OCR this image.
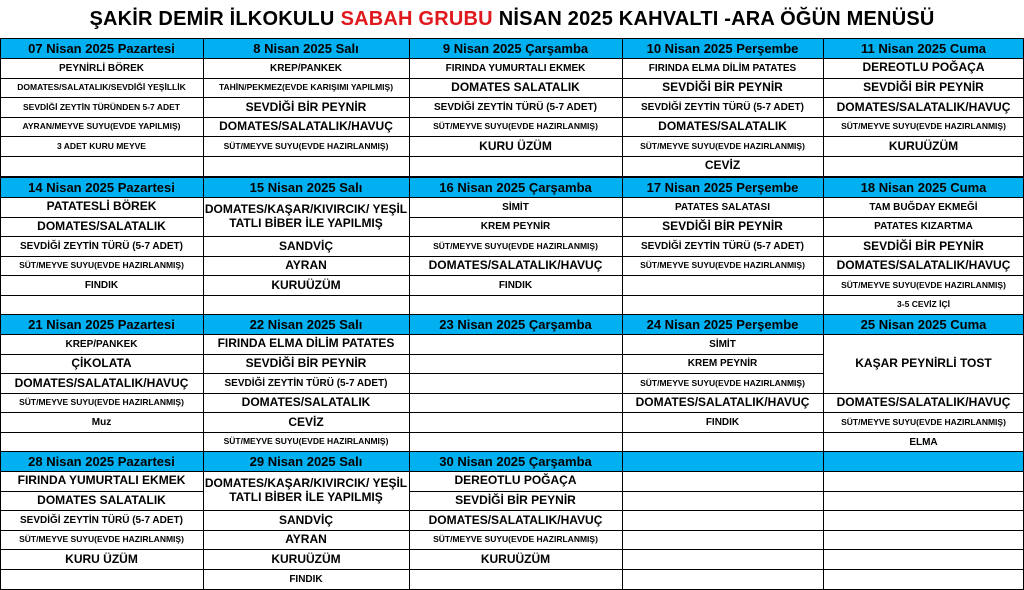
ŞAKİR DEMİR İLKOKULU SABAH GRUBU NİSAN 2025 KAHVALTI -ARA ÖĞÜN MENÜSÜ
07 Nisan 2025 Pazartesi
PEYNİRLİ BÖREK
DOMATES/SALATALIK/SEVDİĞİ YEŞİLLİK
SEVDİĞİ ZEYTİN TÜRÜNDEN 5-7 ADET
AYRAN/MEYVE SUYU(EVDE YAPILMIŞ)
3 ADET KURU MEYVE
8 Nisan 2025 Salı
KREP/PANKEK
TAHİN/PEKMEZ(EVDE KARIŞIMI YAPILMIŞ)
SEVDİĞİ BİR PEYNİR
DOMATES/SALATALIK/HAVUÇ
SÜT/MEYVE SUYU(EVDE HAZIRLANMIŞ)
9 Nisan 2025 Çarşamba
FIRINDA YUMURTALI EKMEK
DOMATES SALATALIK
SEVDİĞİ ZEYTİN TÜRÜ (5-7 ADET)
SÜT/MEYVE SUYU(EVDE HAZIRLANMIŞ)
KURU ÜZÜM
10 Nisan 2025 Perşembe
FIRINDA ELMA DİLİM PATATES
SEVDİĞİ BİR PEYNİR
SEVDİĞİ ZEYTİN TÜRÜ (5-7 ADET)
DOMATES/SALATALIK
SÜT/MEYVE SUYU(EVDE HAZIRLANMIŞ)
CEVİZ
11 Nisan 2025 Cuma
DEREOTLU POĞAÇA
SEVDİĞİ BİR PEYNİR
DOMATES/SALATALIK/HAVUÇ
SÜT/MEYVE SUYU(EVDE HAZIRLANMIŞ)
KURUÜZÜM
14 Nisan 2025 Pazartesi
PATATESLİ BÖREK
DOMATES/SALATALIK
SEVDİĞİ ZEYTİN TÜRÜ (5-7 ADET)
SÜT/MEYVE SUYU(EVDE HAZIRLANMIŞ)
FINDIK
15 Nisan 2025 Salı
DOMATES/KAŞAR/KIVIRCIK/ YEŞİL TATLI BİBER İLE YAPILMIŞ
SANDVİÇ
AYRAN
KURUÜZÜM
16 Nisan 2025 Çarşamba
SİMİT
KREM PEYNİR
SÜT/MEYVE SUYU(EVDE HAZIRLANMIŞ)
DOMATES/SALATALIK/HAVUÇ
FINDIK
17 Nisan 2025 Perşembe
PATATES SALATASI
SEVDİĞİ BİR PEYNİR
SEVDİĞİ ZEYTİN TÜRÜ (5-7 ADET)
SÜT/MEYVE SUYU(EVDE HAZIRLANMIŞ)
18 Nisan 2025 Cuma
TAM BUĞDAY EKMEĞİ
PATATES KIZARTMA
SEVDİĞİ BİR PEYNİR
DOMATES/SALATALIK/HAVUÇ
SÜT/MEYVE SUYU(EVDE HAZIRLANMIŞ)
3-5 CEVİZ İÇİ
21 Nisan 2025 Pazartesi
KREP/PANKEK
ÇİKOLATA
DOMATES/SALATALIK/HAVUÇ
SÜT/MEYVE SUYU(EVDE HAZIRLANMIŞ)
Muz
22 Nisan 2025 Salı
FIRINDA ELMA DİLİM PATATES
SEVDİĞİ BİR PEYNİR
SEVDİĞİ ZEYTİN TÜRÜ (5-7 ADET)
DOMATES/SALATALIK
CEVİZ
SÜT/MEYVE SUYU(EVDE HAZIRLANMIŞ)
23 Nisan 2025 Çarşamba	24 Nisan 2025 Perşembe
SİMİT
KREM PEYNİR
SÜT/MEYVE SUYU(EVDE HAZIRLANMIŞ)
DOMATES/SALATALIK/HAVUÇ
FINDIK
25 Nisan 2025 Cuma
KAŞAR PEYNİRLİ TOST
DOMATES/SALATALIK/HAVUÇ
SÜT/MEYVE SUYU(EVDE HAZIRLANMIŞ)
ELMA
28 Nisan 2025 Pazartesi
FIRINDA YUMURTALI EKMEK
DOMATES SALATALIK
SEVDİĞİ ZEYTİN TÜRÜ (5-7 ADET)
SÜT/MEYVE SUYU(EVDE HAZIRLANMIŞ)
KURU ÜZÜM
29 Nisan 2025 Salı
DOMATES/KAŞAR/KIVIRCIK/ YEŞİL TATLI BİBER İLE YAPILMIŞ
SANDVİÇ
AYRAN
KURUÜZÜM
FINDIK
30 Nisan 2025 Çarşamba
DEREOTLU POĞAÇA
SEVDİĞİ BİR PEYNİR
DOMATES/SALATALIK/HAVUÇ
SÜT/MEYVE SUYU(EVDE HAZIRLANMIŞ)
KURUÜZÜM
